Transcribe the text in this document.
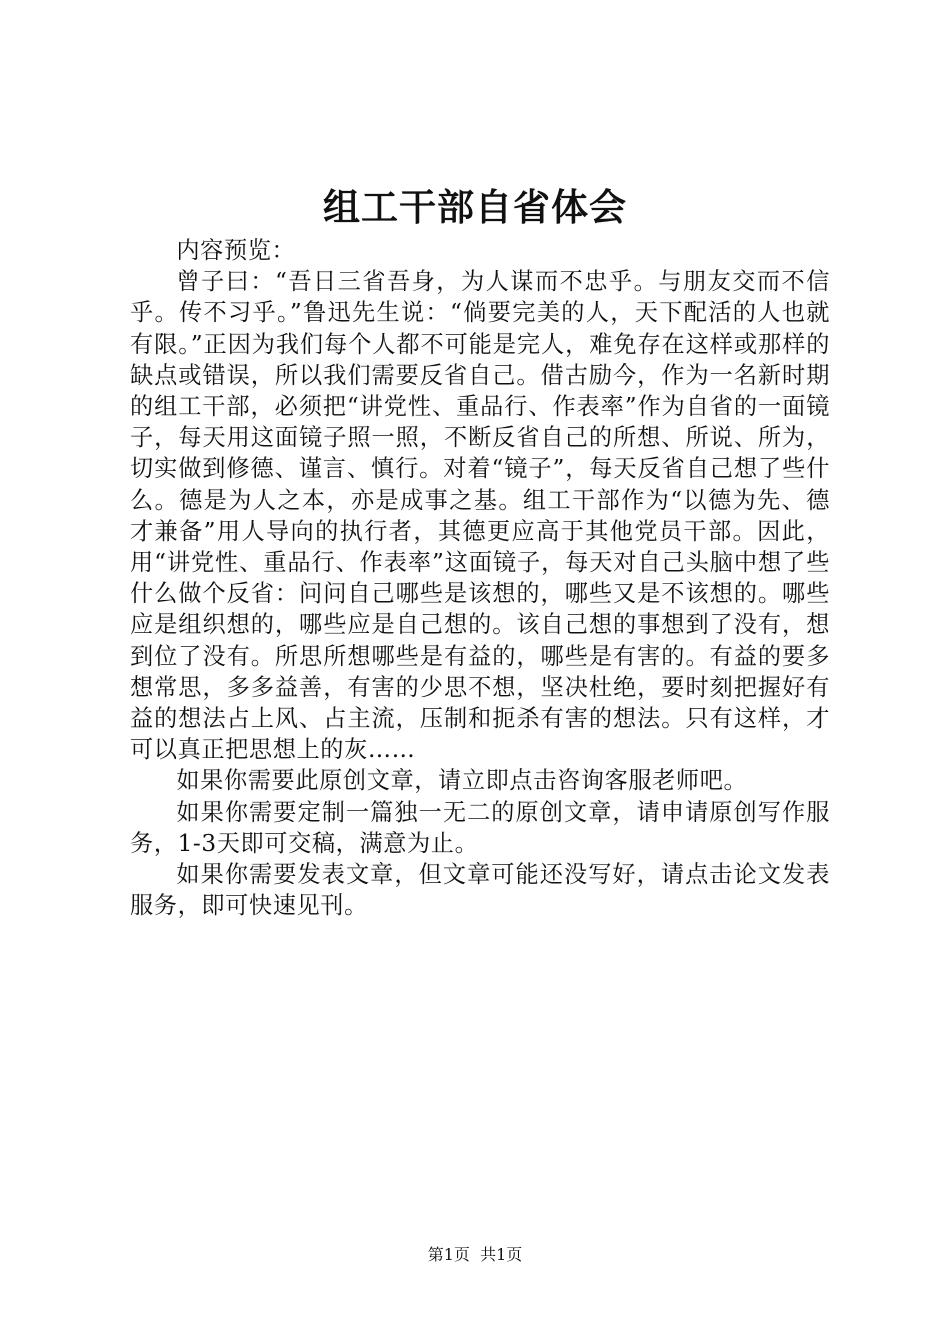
组工干部自省体会

内容预览：

曾子曰：“吾日三省吾身，为人谋而不忠乎。与朋友交而不信乎。传不习乎。”鲁迅先生说：“倘要完美的人，天下配活的人也就有限。”正因为我们每个人都不可能是完人，难免存在这样或那样的缺点或错误，所以我们需要反省自己。借古励今，作为一名新时期的组工干部，必须把“讲党性、重品行、作表率”作为自省的一面镜子，每天用这面镜子照一照，不断反省自己的所想、所说、所为，切实做到修德、谨言、慎行。对着“镜子”，每天反省自己想了些什么。德是为人之本，亦是成事之基。组工干部作为“以德为先、德才兼备”用人导向的执行者，其德更应高于其他党员干部。因此，用“讲党性、重品行、作表率”这面镜子，每天对自己头脑中想了些什么做个反省：问问自己哪些是该想的，哪些又是不该想的。哪些应是组织想的，哪些应是自己想的。该自己想的事想到了没有，想到位了没有。所思所想哪些是有益的，哪些是有害的。有益的要多想常思，多多益善，有害的少思不想，坚决杜绝，要时刻把握好有益的想法占上风、占主流，压制和扼杀有害的想法。只有这样，才可以真正把思想上的灰……

如果你需要此原创文章，请立即点击咨询客服老师吧。

如果你需要定制一篇独一无二的原创文章，请申请原创写作服务，1-3天即可交稿，满意为止。

如果你需要发表文章，但文章可能还没写好，请点击论文发表服务，即可快速见刊。

第1页  共1页
